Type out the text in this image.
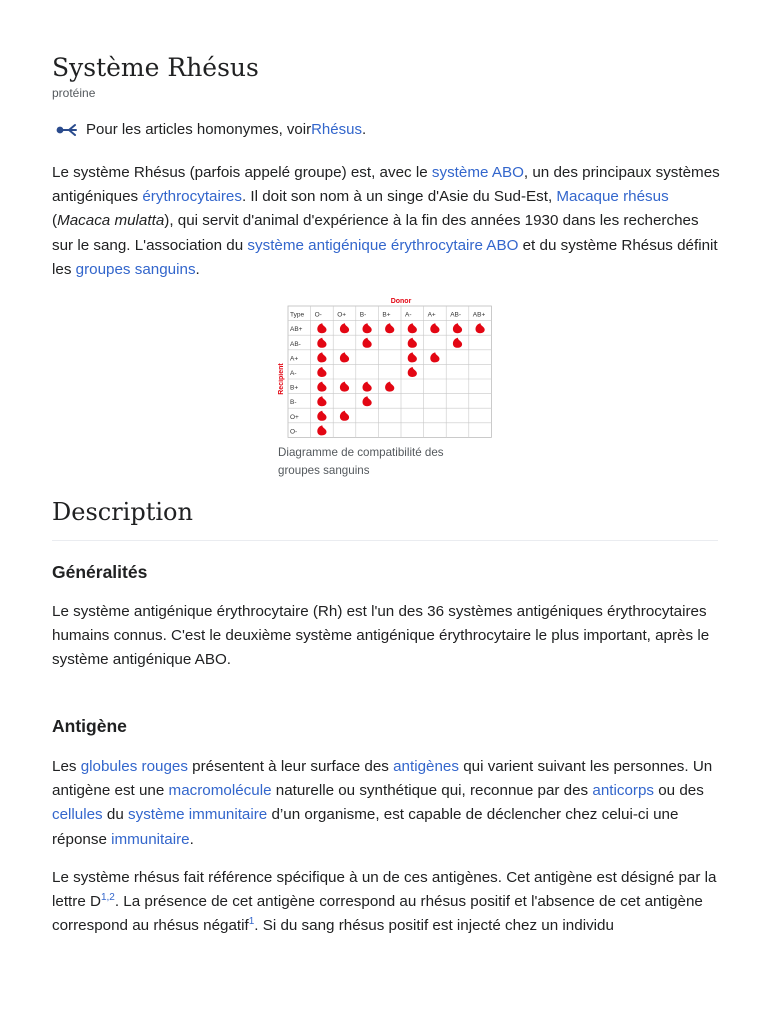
Système Rhésus
protéine
Pour les articles homonymes, voir Rhésus .

Le système Rhésus (parfois appelé groupe) est, avec le système ABO, un des principaux systèmes antigéniques érythrocytaires. Il doit son nom à un singe d'Asie du Sud-Est, Macaque rhésus (Macaca mulatta), qui servit d'animal d'expérience à la fin des années 1930 dans les recherches sur le sang. L'association du système antigénique érythrocytaire ABO et du système Rhésus définit les groupes sanguins.

Donor
Recipient
Type O- O+ B- B+ A- A+ AB- AB+
AB+
AB-
A+
A-
B+
B-
O+
O-
Diagramme de compatibilité des groupes sanguins
Description
Généralités

Le système antigénique érythrocytaire (Rh) est l'un des 36 systèmes antigéniques érythrocytaires humains connus. C'est le deuxième système antigénique érythrocytaire le plus important, après le système antigénique ABO.

Antigène

Les globules rouges présentent à leur surface des antigènes qui varient suivant les personnes. Un antigène est une macromolécule naturelle ou synthétique qui, reconnue par des anticorps ou des cellules du système immunitaire d’un organisme, est capable de déclencher chez celui-ci une réponse immunitaire.

Le système rhésus fait référence spécifique à un de ces antigènes. Cet antigène est désigné par la lettre D$^{1,2}$. La présence de cet antigène correspond au rhésus positif et l'absence de cet antigène correspond au rhésus négatif$^1$. Si du sang rhésus positif est injecté chez un individu
